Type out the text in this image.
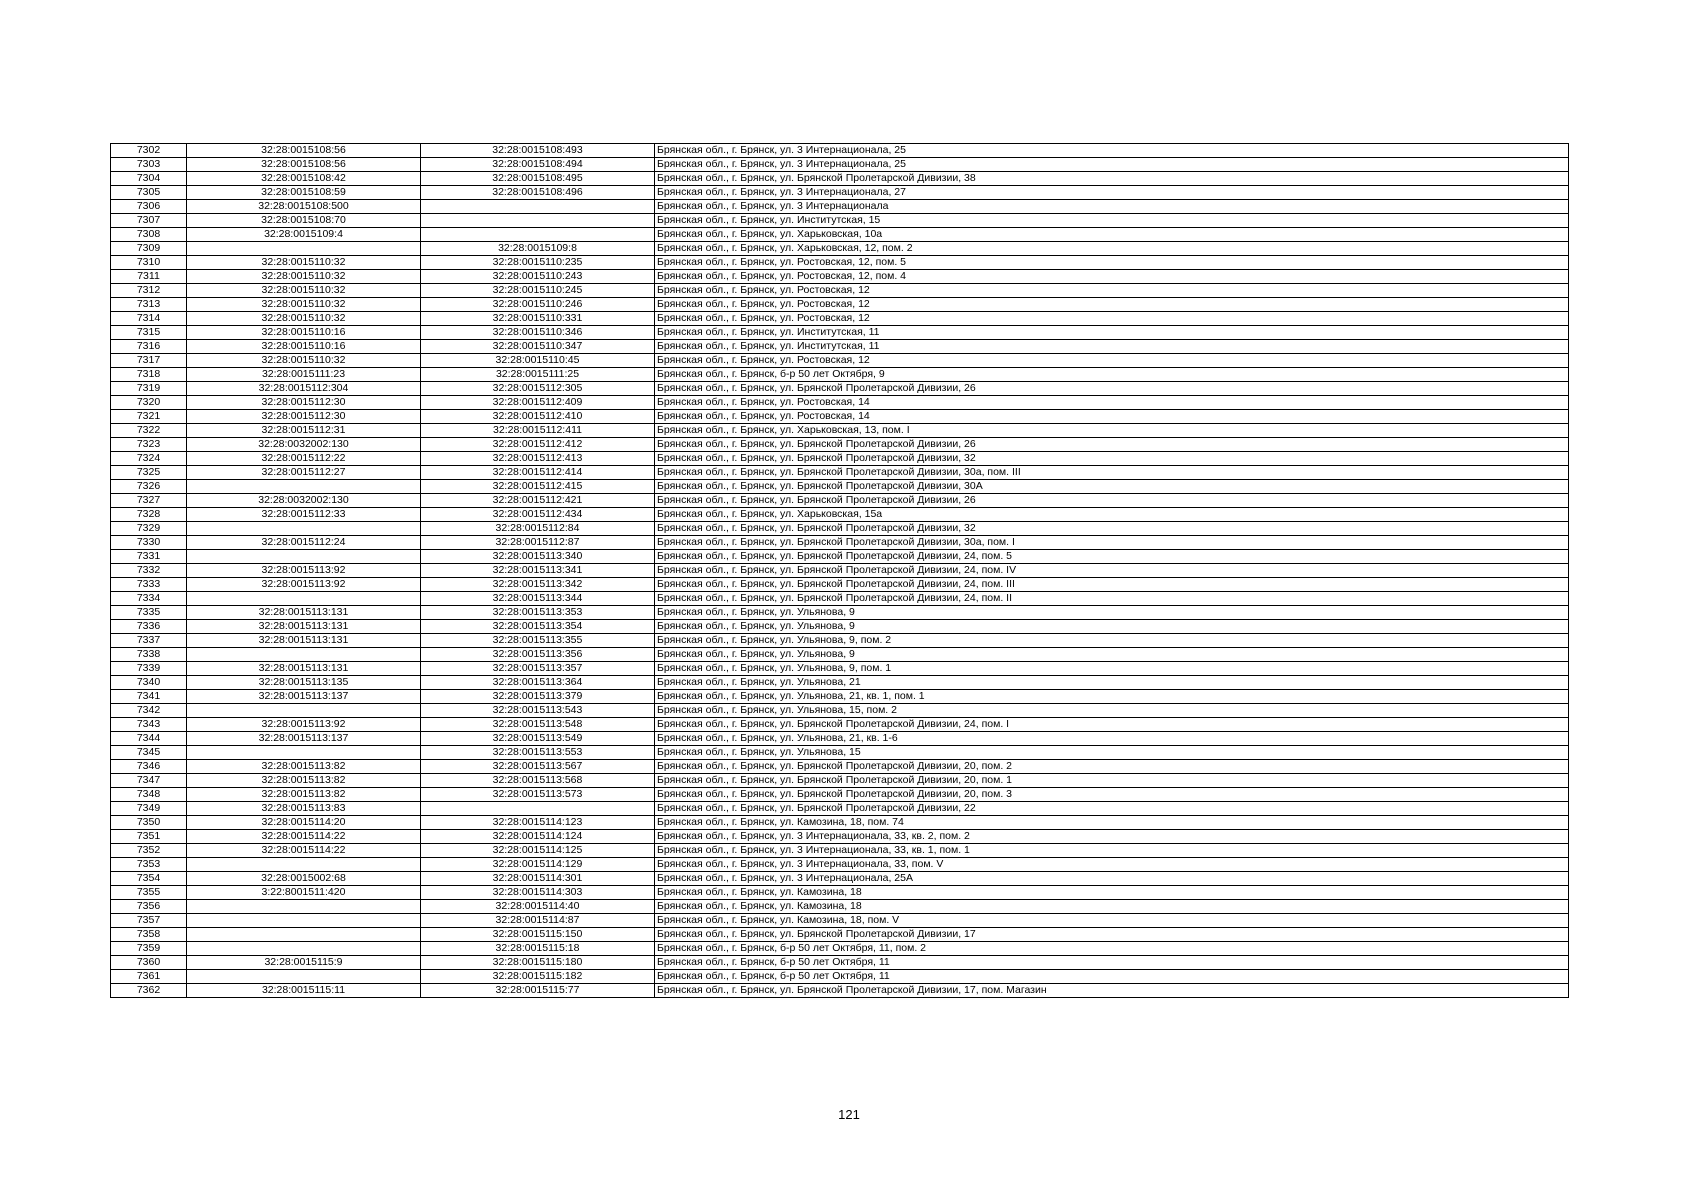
7302	32:28:0015108:56	32:28:0015108:493	Брянская обл., г. Брянск, ул. 3 Интернационала, 25
7303	32:28:0015108:56	32:28:0015108:494	Брянская обл., г. Брянск, ул. 3 Интернационала, 25
7304	32:28:0015108:42	32:28:0015108:495	Брянская обл., г. Брянск, ул. Брянской Пролетарской Дивизии, 38
7305	32:28:0015108:59	32:28:0015108:496	Брянская обл., г. Брянск, ул. 3 Интернационала, 27
7306	32:28:0015108:500		Брянская обл., г. Брянск, ул. 3 Интернационала
7307	32:28:0015108:70		Брянская обл., г. Брянск, ул. Институтская, 15
7308	32:28:0015109:4		Брянская обл., г. Брянск, ул. Харьковская, 10а
7309		32:28:0015109:8	Брянская обл., г. Брянск, ул. Харьковская, 12, пом. 2
7310	32:28:0015110:32	32:28:0015110:235	Брянская обл., г. Брянск, ул. Ростовская, 12, пом. 5
7311	32:28:0015110:32	32:28:0015110:243	Брянская обл., г. Брянск, ул. Ростовская, 12, пом. 4
7312	32:28:0015110:32	32:28:0015110:245	Брянская обл., г. Брянск, ул. Ростовская, 12
7313	32:28:0015110:32	32:28:0015110:246	Брянская обл., г. Брянск, ул. Ростовская, 12
7314	32:28:0015110:32	32:28:0015110:331	Брянская обл., г. Брянск, ул. Ростовская, 12
7315	32:28:0015110:16	32:28:0015110:346	Брянская обл., г. Брянск, ул. Институтская, 11
7316	32:28:0015110:16	32:28:0015110:347	Брянская обл., г. Брянск, ул. Институтская, 11
7317	32:28:0015110:32	32:28:0015110:45	Брянская обл., г. Брянск, ул. Ростовская, 12
7318	32:28:0015111:23	32:28:0015111:25	Брянская обл., г. Брянск, б-р 50 лет Октября, 9
7319	32:28:0015112:304	32:28:0015112:305	Брянская обл., г. Брянск, ул. Брянской Пролетарской Дивизии, 26
7320	32:28:0015112:30	32:28:0015112:409	Брянская обл., г. Брянск, ул. Ростовская, 14
7321	32:28:0015112:30	32:28:0015112:410	Брянская обл., г. Брянск, ул. Ростовская, 14
7322	32:28:0015112:31	32:28:0015112:411	Брянская обл., г. Брянск, ул. Харьковская, 13, пом. I
7323	32:28:0032002:130	32:28:0015112:412	Брянская обл., г. Брянск, ул. Брянской Пролетарской Дивизии, 26
7324	32:28:0015112:22	32:28:0015112:413	Брянская обл., г. Брянск, ул. Брянской Пролетарской Дивизии, 32
7325	32:28:0015112:27	32:28:0015112:414	Брянская обл., г. Брянск, ул. Брянской Пролетарской Дивизии, 30а, пом. III
7326		32:28:0015112:415	Брянская обл., г. Брянск, ул. Брянской Пролетарской Дивизии, 30А
7327	32:28:0032002:130	32:28:0015112:421	Брянская обл., г. Брянск, ул. Брянской Пролетарской Дивизии, 26
7328	32:28:0015112:33	32:28:0015112:434	Брянская обл., г. Брянск, ул. Харьковская, 15а
7329		32:28:0015112:84	Брянская обл., г. Брянск, ул. Брянской Пролетарской Дивизии, 32
7330	32:28:0015112:24	32:28:0015112:87	Брянская обл., г. Брянск, ул. Брянской Пролетарской Дивизии, 30а, пом. I
7331		32:28:0015113:340	Брянская обл., г. Брянск, ул. Брянской Пролетарской Дивизии, 24, пом. 5
7332	32:28:0015113:92	32:28:0015113:341	Брянская обл., г. Брянск, ул. Брянской Пролетарской Дивизии, 24, пом. IV
7333	32:28:0015113:92	32:28:0015113:342	Брянская обл., г. Брянск, ул. Брянской Пролетарской Дивизии, 24, пом. III
7334		32:28:0015113:344	Брянская обл., г. Брянск, ул. Брянской Пролетарской Дивизии, 24, пом. II
7335	32:28:0015113:131	32:28:0015113:353	Брянская обл., г. Брянск, ул. Ульянова, 9
7336	32:28:0015113:131	32:28:0015113:354	Брянская обл., г. Брянск, ул. Ульянова, 9
7337	32:28:0015113:131	32:28:0015113:355	Брянская обл., г. Брянск, ул. Ульянова, 9, пом. 2
7338		32:28:0015113:356	Брянская обл., г. Брянск, ул. Ульянова, 9
7339	32:28:0015113:131	32:28:0015113:357	Брянская обл., г. Брянск, ул. Ульянова, 9, пом. 1
7340	32:28:0015113:135	32:28:0015113:364	Брянская обл., г. Брянск, ул. Ульянова, 21
7341	32:28:0015113:137	32:28:0015113:379	Брянская обл., г. Брянск, ул. Ульянова, 21, кв. 1, пом. 1
7342		32:28:0015113:543	Брянская обл., г. Брянск, ул. Ульянова, 15, пом. 2
7343	32:28:0015113:92	32:28:0015113:548	Брянская обл., г. Брянск, ул. Брянской Пролетарской Дивизии, 24, пом. I
7344	32:28:0015113:137	32:28:0015113:549	Брянская обл., г. Брянск, ул. Ульянова, 21, кв. 1-6
7345		32:28:0015113:553	Брянская обл., г. Брянск, ул. Ульянова, 15
7346	32:28:0015113:82	32:28:0015113:567	Брянская обл., г. Брянск, ул. Брянской Пролетарской Дивизии, 20, пом. 2
7347	32:28:0015113:82	32:28:0015113:568	Брянская обл., г. Брянск, ул. Брянской Пролетарской Дивизии, 20, пом. 1
7348	32:28:0015113:82	32:28:0015113:573	Брянская обл., г. Брянск, ул. Брянской Пролетарской Дивизии, 20, пом. 3
7349	32:28:0015113:83		Брянская обл., г. Брянск, ул. Брянской Пролетарской Дивизии, 22
7350	32:28:0015114:20	32:28:0015114:123	Брянская обл., г. Брянск, ул. Камозина, 18, пом. 74
7351	32:28:0015114:22	32:28:0015114:124	Брянская обл., г. Брянск, ул. 3 Интернационала, 33, кв. 2, пом. 2
7352	32:28:0015114:22	32:28:0015114:125	Брянская обл., г. Брянск, ул. 3 Интернационала, 33, кв. 1, пом. 1
7353		32:28:0015114:129	Брянская обл., г. Брянск, ул. 3 Интернационала, 33, пом. V
7354	32:28:0015002:68	32:28:0015114:301	Брянская обл., г. Брянск, ул. 3 Интернационала, 25А
7355	3:22:8001511:420	32:28:0015114:303	Брянская обл., г. Брянск, ул. Камозина, 18
7356		32:28:0015114:40	Брянская обл., г. Брянск, ул. Камозина, 18
7357		32:28:0015114:87	Брянская обл., г. Брянск, ул. Камозина, 18, пом. V
7358		32:28:0015115:150	Брянская обл., г. Брянск, ул. Брянской Пролетарской Дивизии, 17
7359		32:28:0015115:18	Брянская обл., г. Брянск, б-р 50 лет Октября, 11, пом. 2
7360	32:28:0015115:9	32:28:0015115:180	Брянская обл., г. Брянск, б-р 50 лет Октября, 11
7361		32:28:0015115:182	Брянская обл., г. Брянск, б-р 50 лет Октября, 11
7362	32:28:0015115:11	32:28:0015115:77	Брянская обл., г. Брянск, ул. Брянской Пролетарской Дивизии, 17, пом. Магазин
121
